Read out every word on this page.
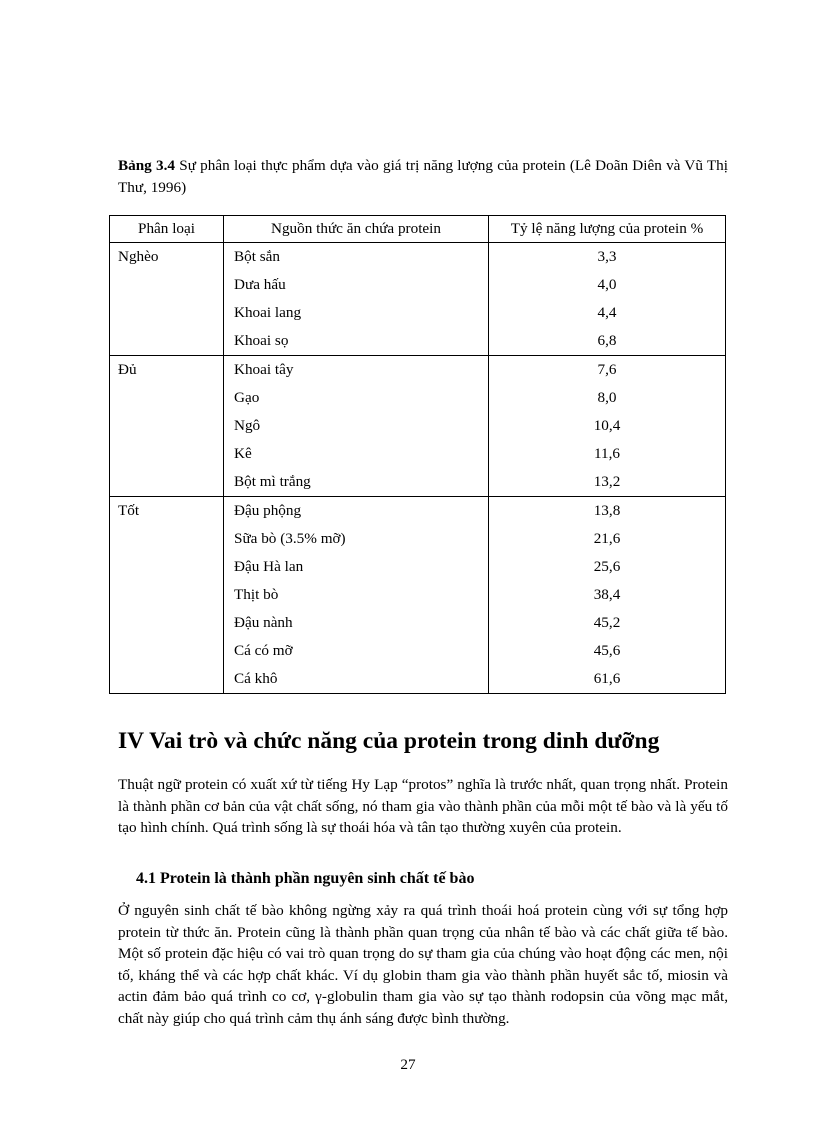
Bảng 3.4 Sự phân loại thực phẩm dựa vào giá trị năng lượng của protein (Lê Doãn Diên và Vũ Thị Thư, 1996)

Phân loại	Nguồn thức ăn chứa protein	Tỷ lệ năng lượng của protein %
Nghèo	Bột sắn	3,3
	Dưa hấu	4,0
	Khoai lang	4,4
	Khoai sọ	6,8
Đủ	Khoai tây	7,6
	Gạo	8,0
	Ngô	10,4
	Kê	11,6
	Bột mì trắng	13,2
Tốt	Đậu phộng	13,8
	Sữa bò (3.5% mỡ)	21,6
	Đậu Hà lan	25,6
	Thịt bò	38,4
	Đậu nành	45,2
	Cá có mỡ	45,6
	Cá khô	61,6
IV Vai trò và chức năng của protein trong dinh dưỡng

Thuật ngữ protein có xuất xứ từ tiếng Hy Lạp “protos” nghĩa là trước nhất, quan trọng nhất. Protein là thành phần cơ bản của vật chất sống, nó tham gia vào thành phần của mỗi một tế bào và là yếu tố tạo hình chính. Quá trình sống là sự thoái hóa và tân tạo thường xuyên của protein.

4.1 Protein là thành phần nguyên sinh chất tế bào

Ở nguyên sinh chất tế bào không ngừng xảy ra quá trình thoái hoá protein cùng với sự tổng hợp protein từ thức ăn. Protein cũng là thành phần quan trọng của nhân tế bào và các chất giữa tế bào. Một số protein đặc hiệu có vai trò quan trọng do sự tham gia của chúng vào hoạt động các men, nội tố, kháng thể và các hợp chất khác. Ví dụ globin tham gia vào thành phần huyết sắc tố, miosin và actin đảm bảo quá trình co cơ, γ-globulin tham gia vào sự tạo thành rodopsin của võng mạc mắt, chất này giúp cho quá trình cảm thụ ánh sáng được bình thường.

27
